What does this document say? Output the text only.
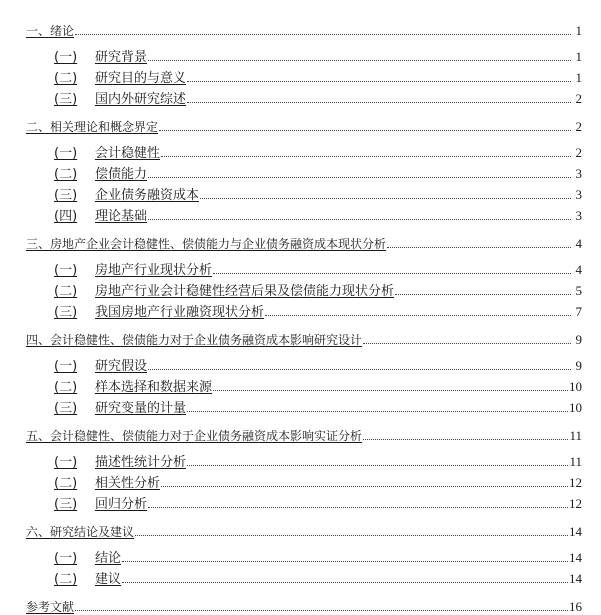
一、绪论	1
(一)	研究背景	1
(二)	研究目的与意义	1
(三)	国内外研究综述	2
二、相关理论和概念界定	2
(一)	会计稳健性	2
(二)	偿债能力	3
(三)	企业债务融资成本	3
(四)	理论基础	3
三、房地产企业会计稳健性、偿债能力与企业债务融资成本现状分析	4
(一)	房地产行业现状分析	4
(二)	房地产行业会计稳健性经营后果及偿债能力现状分析	5
(三)	我国房地产行业融资现状分析	7
四、会计稳健性、偿债能力对于企业债务融资成本影响研究设计	9
(一)	研究假设	9
(二)	样本选择和数据来源	10
(三)	研究变量的计量	10
五、会计稳健性、偿债能力对于企业债务融资成本影响实证分析	11
(一)	描述性统计分析	11
(二)	相关性分析	12
(三)	回归分析	12
六、研究结论及建议	14
(一)	结论	14
(二)	建议	14
参考文献	16
